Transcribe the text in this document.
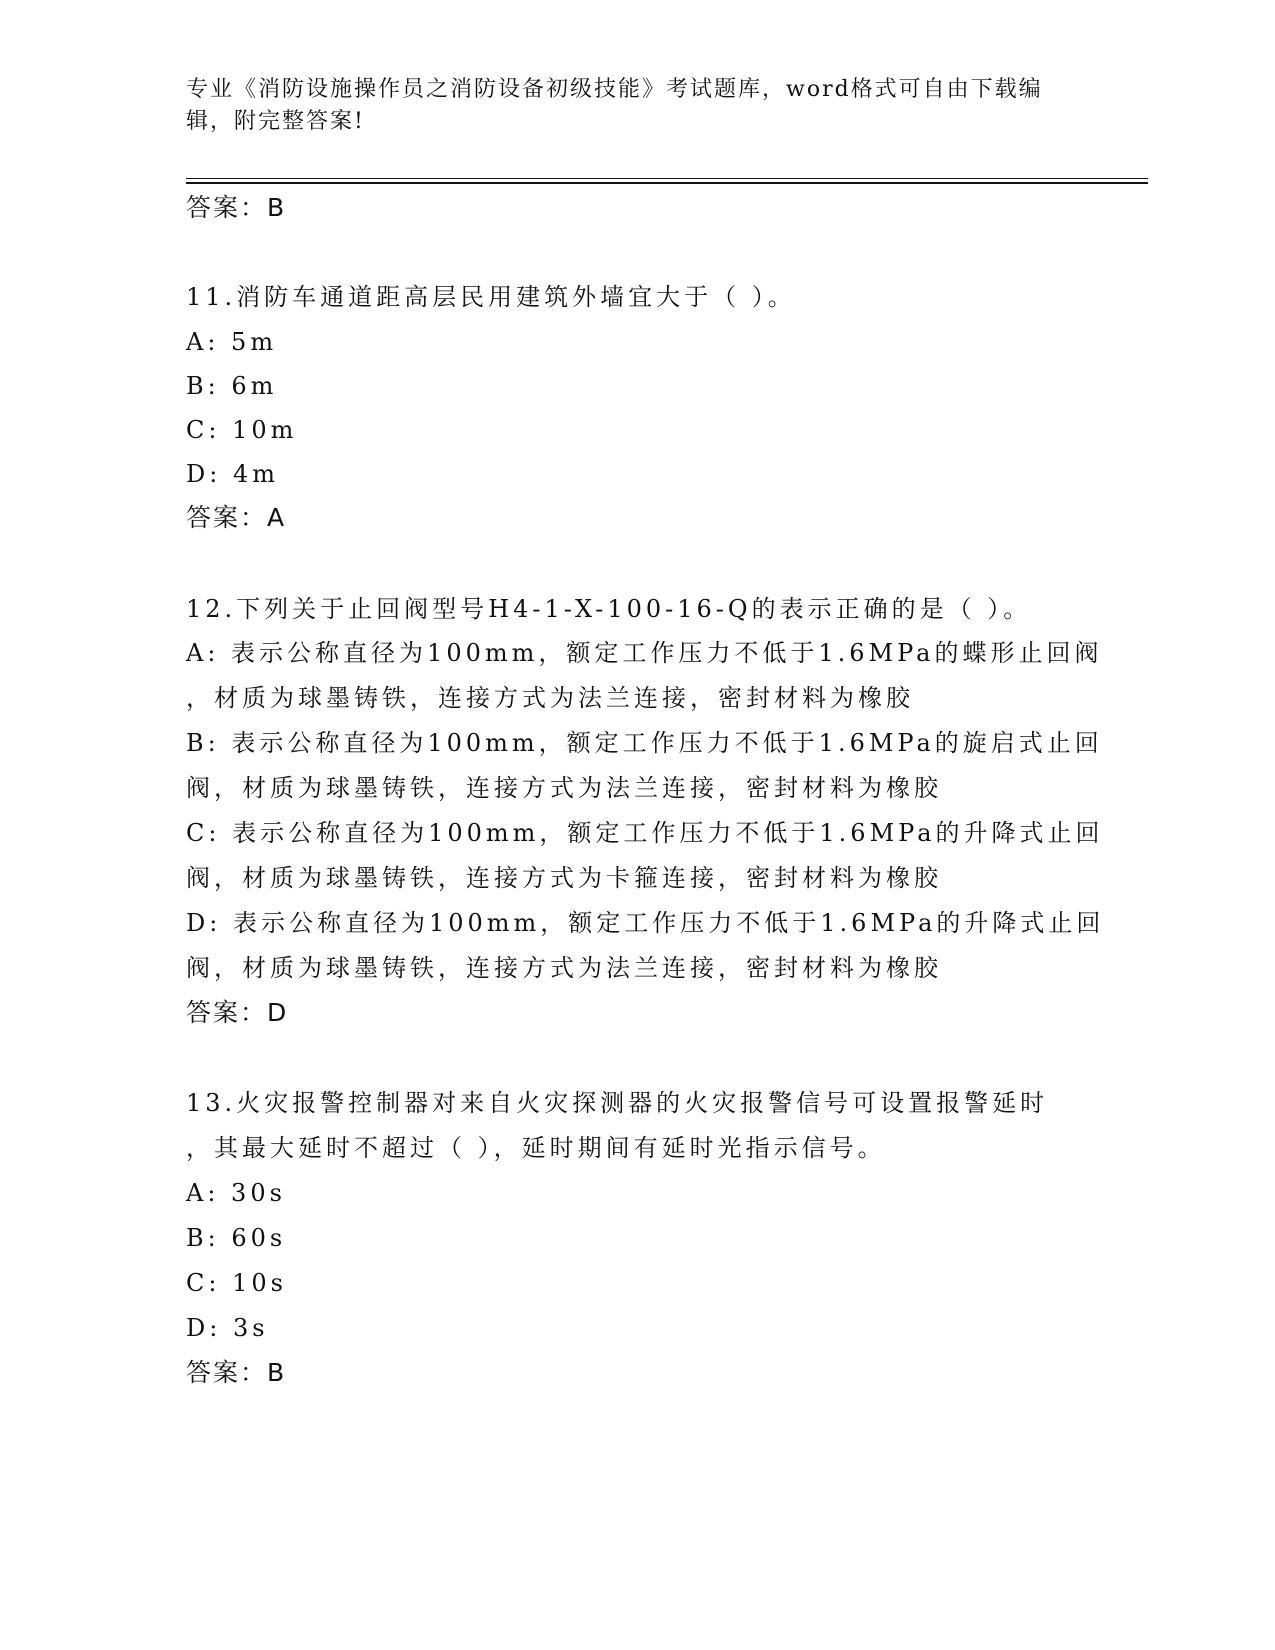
专业《消防设施操作员之消防设备初级技能》考试题库，word格式可自由下载编辑，附完整答案!
答案：B
11.消防车通道距高层民用建筑外墙宜大于（ ）。
A: 5m
B: 6m
C: 10m
D: 4m
答案：A
12.下列关于止回阀型号H4-1-X-100-16-Q的表示正确的是（ ）。
A: 表示公称直径为100mm，额定工作压力不低于1.6MPa的蝶形止回阀
，材质为球墨铸铁，连接方式为法兰连接，密封材料为橡胶
B: 表示公称直径为100mm，额定工作压力不低于1.6MPa的旋启式止回
阀，材质为球墨铸铁，连接方式为法兰连接，密封材料为橡胶
C: 表示公称直径为100mm，额定工作压力不低于1.6MPa的升降式止回
阀，材质为球墨铸铁，连接方式为卡箍连接，密封材料为橡胶
D: 表示公称直径为100mm，额定工作压力不低于1.6MPa的升降式止回
阀，材质为球墨铸铁，连接方式为法兰连接，密封材料为橡胶
答案：D
13.火灾报警控制器对来自火灾探测器的火灾报警信号可设置报警延时
，其最大延时不超过（ ），延时期间有延时光指示信号。
A: 30s
B: 60s
C: 10s
D: 3s
答案：B
